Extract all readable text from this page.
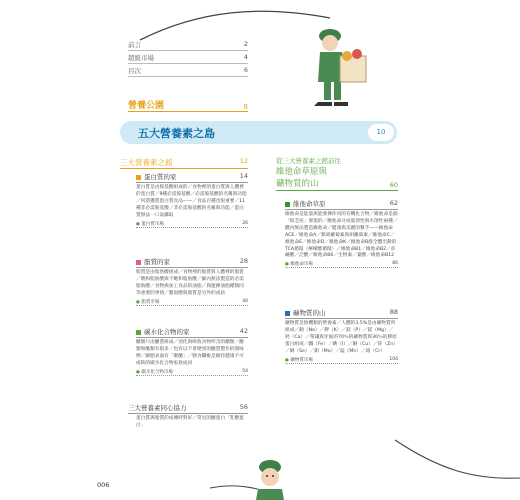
前言	2
超級市場	4
目次	6
營養公園	8
五大營養素之島	10
三大營養素之館	12
蛋白質的家	14
蛋白質是由胺基酸組成的／食物裡的蛋白質與人體裡的蛋白質／9種必需胺基酸／必需胺基酸的名稱與功能／何謂優質蛋白質食品——／食品百種也很重要／11種非必需胺基酸／非必需胺基酸的名稱與功能／蛋白質無法一口氣攝取
● 蛋白質市場	26
脂質的家	28
脂質是由脂肪酸組成／食物裡的脂質與人體裡的脂質／飽和脂肪酸與不飽和脂肪酸／細內無法製造的必需脂肪酸／食物與加工食品的油脂／與運揮油脂種類同等重要的事情／膽固醇與脂質是另外的成員
● 脂質市場	40
碳水化合物的家	42
醣類只由醣質組成／消化與吸收食物所含的醣類／醣類和醣類有很多／也有以不會變到的醣質製作的甜味劑／細胞表面有「聚醣」／膳食纖維是維持健康不可或缺的碳水化合物家族成員
● 碳水化合物市場	54
三大營養素同心協力	56
蛋白質與脂質的成傳時對好／常見的醣蛋白「乳糖蛋白」
從三大營養素之館前往
維他命草原與
礦物質的山	60
維他命草原	62
維他命是能量與能發揮作用的有機化合物／維他命是個「缺乏症」發現的／維他命分成脂溶性與水溶性兩種／體內無法製造維他命／健康與美麗的幫手——維他命ACE／維他命A／類胡蘿蔔素與胡蘿蔔素／維他命C／維他命E／維他命D／維他命K／維他命B群全體出動的TCA循環（檸檬酸循環）／維他命B1／維他命B2／菸鹼酸／泛酸／維他命B6／生物素／葉酸／維他命B12
● 維他命市場	86
礦物質的山	88
礦物質是無機類的營養素／人體的3.5%是由礦物質所組成／鈉（Na）／鉀（K）／鎂（P）／鎂（Mg）／鈣（Ca）／帶讓與牙齒的70％的礦物質與30％的膠原蛋白組成／鐵（Fe）／碘（I）／銅（Cu）／鋅（Zn）／硒（Se）／鉬（Mo）／錳（Mn）／鉻（Cr）
● 礦物質市場	104
006
